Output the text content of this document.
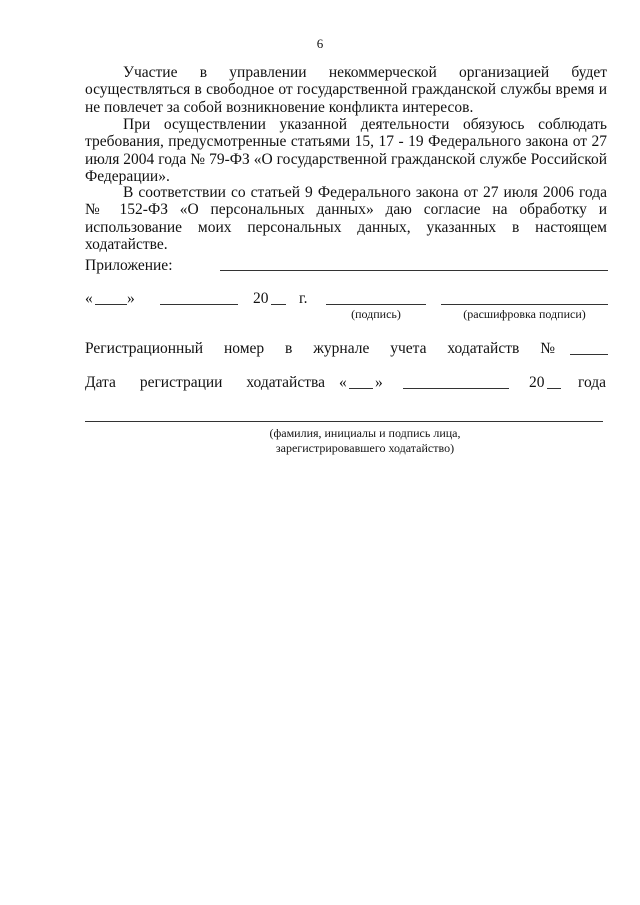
6
Участие в управлении некоммерческой организацией будет осуществляться в свободное от государственной гражданской службы время и не повлечет за собой возникновение конфликта интересов.
При осуществлении указанной деятельности обязуюсь соблюдать требования, предусмотренные статьями 15, 17 - 19 Федерального закона от 27 июля 2004 года № 79-ФЗ «О государственной гражданской службе Российской Федерации».
В соответствии со статьей 9 Федерального закона от 27 июля 2006 года № 152-ФЗ «О персональных данных» даю согласие на обработку и использование моих персональных данных, указанных в настоящем ходатайстве.
Приложение:
« »	20 г.
(подпись)	(расшифровка подписи)
Регистрационный номер в журнале учета ходатайств №
Дата регистрации ходатайства « »	20 года
(фамилия, инициалы и подпись лица,
зарегистрировавшего ходатайство)
